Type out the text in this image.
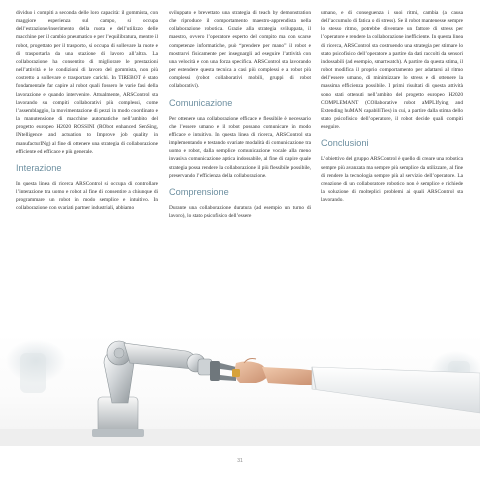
dividuo i compiti a seconda delle loro capacità: il gommista, con maggiore esperienza sul campo, si occupa dell’estrazione/inserimento della ruota e dell’utilizzo delle macchine per il cambio pneumatico e per l’equilibratura, mentre il robot, progettato per il trasporto, si occupa di sollevare la ruote e di trasportarla da una stazione di lavoro all’altra. La collaborazione ha consentito di migliorare le prestazioni nell’attività e le condizioni di lavoro del gommista, non più costretto a sollevare e trasportare carichi. In TIREBOT è stato fondamentale far capire al robot quali fossero le varie fasi della lavorazione e quando intervenire. Attualmente, ARSControl sta lavorando su compiti collaborativi più complessi, come l’assemblaggio, la movimentazione di pezzi in modo coordinato e la manutensione di macchine automatiche nell’ambito del progetto europeo H2020 ROSSINI (RObot enhanced SenSing, INtelligence and actuation to Improve job quality in manufacturINg) al fine di ottenere una strategia di collaborazione efficiente ed efficace e più generale.

Interazione

In questa linea di ricerca ARSControl si occupa di controllare l’interazione tra uomo e robot al fine di consentire a chiunque di programmare un robot in modo semplice e intuitivo. In collaborazione con svariati partner industriali, abbiamo

sviluppato e brevettato una strategia di teach by demonstration che riproduce il comportamento maestro-apprendista nella collaborazione robotica. Grazie alla strategia sviluppata, il maestro, ovvero l’operatore esperto del compito ma con scarse competenze informatiche, può “prendere per mano” il robot e mostrarvi fisicamente per insegnargli ad eseguire l’attività con una velocità e con una forza specifica. ARSControl sta lavorando per estendere questa tecnica a casi più complessi e a robot più complessi (robot collaborativi mobili, gruppi di robot collaborativi).

Comunicazione

Per ottenere una collaborazione efficace e flessibile è necessario che l’essere umano e il robot possano comunicare in modo efficace e intuitivo. In questa linea di ricerca, ARSControl sta implementando e testando svariate modalità di comunicazione tra uomo e robot, dalla semplice comunicazione vocale alla meno invasiva comunicazione aptica indossabile, al fine di capire quale strategia possa rendere la collaborazione il più flessibile possibile, preservando l’efficienza della collaborazione.

Comprensione

Durante una collaborazione duratura (ad esempio un turno di lavoro), lo stato psicofisico dell’essere

umano, e di conseguenza i suoi ritmi, cambia (a causa dell’accumulo di fatica o di stress). Se il robot mantenesse sempre lo stesso ritmo, potrebbe diventare un fattore di stress per l’operatore e rendere la collaborazione inefficiente. In questa linea di ricerca, ARSControl sta costruendo una strategia per stimare lo stato psicofisico dell’operatore a partire da dati raccolti da sensori indossabili (ad esempio, smartwatch). A partire da questa stima, il robot modifica il proprio comportamento per adattarsi al ritmo dell’essere umano, di minimizzare lo stress e di ottenere la massima efficienza possibile. I primi risultati di questa attività sono stati ottenuti nell’ambito del progetto europeo H2020 COMPLEMANT (COllaborative robot aMPLIfying and Extending huMAN capabiliTies) in cui, a partire dalla stima dello stato psicofisico dell’operatore, il robot decide quali compiti eseguire.

Conclusioni

L’obiettivo del gruppo ARSControl è quello di creare una robotica sempre più avanzata ma sempre più semplice da utilizzare, al fine di rendere la tecnologia sempre più al servizio dell’operatore. La creazione di un collaboratore robotico non è semplice e richiede la soluzione di molteplici problemi ai quali ARSControl sta lavorando.

31
